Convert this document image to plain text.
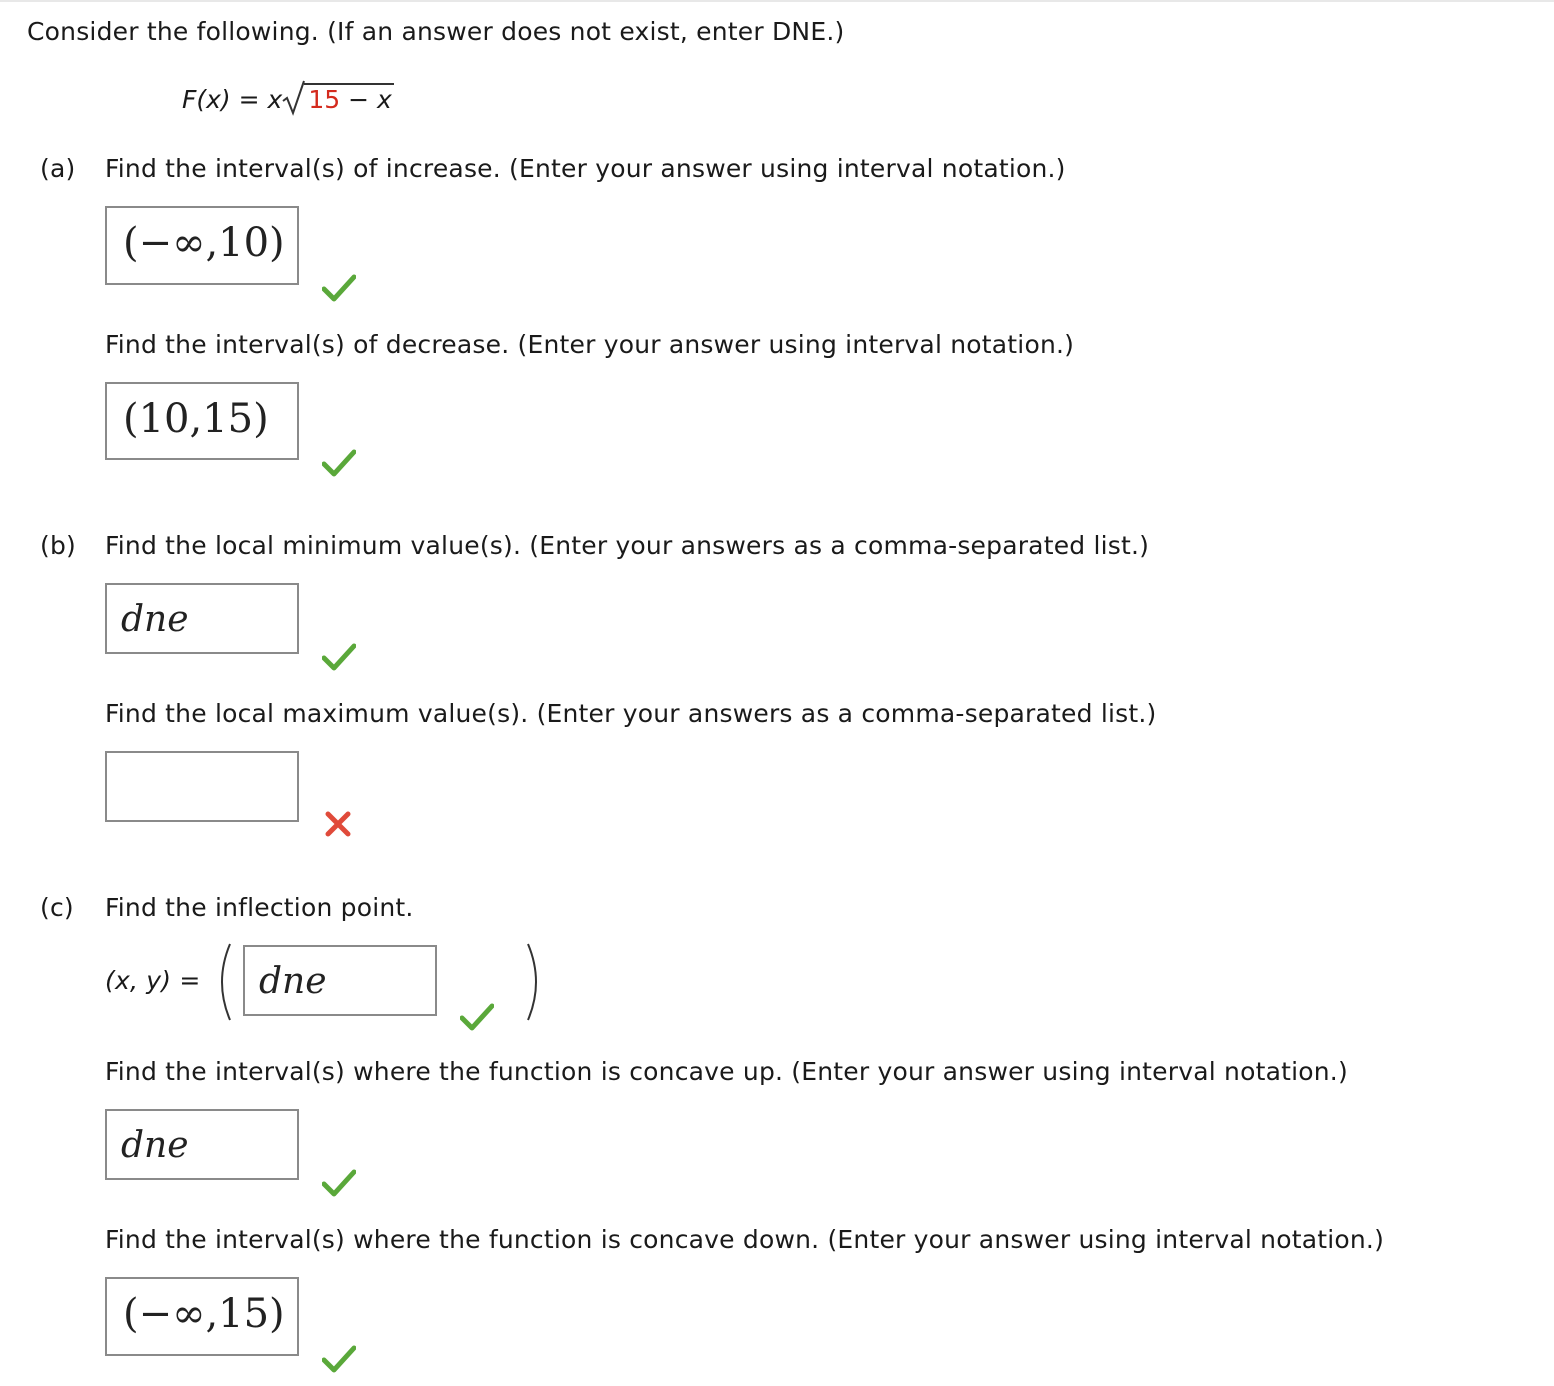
Consider the following. (If an answer does not exist, enter DNE.)
F(x) = x 15 − x
(a) Find the interval(s) of increase. (Enter your answer using interval notation.)
(−∞,10)
Find the interval(s) of decrease. (Enter your answer using interval notation.)
(10,15)
(b) Find the local minimum value(s). (Enter your answers as a comma-separated list.)
dne
Find the local maximum value(s). (Enter your answers as a comma-separated list.)
(c) Find the inflection point.
(x, y) = dne
Find the interval(s) where the function is concave up. (Enter your answer using interval notation.)
dne
Find the interval(s) where the function is concave down. (Enter your answer using interval notation.)
(−∞,15)
